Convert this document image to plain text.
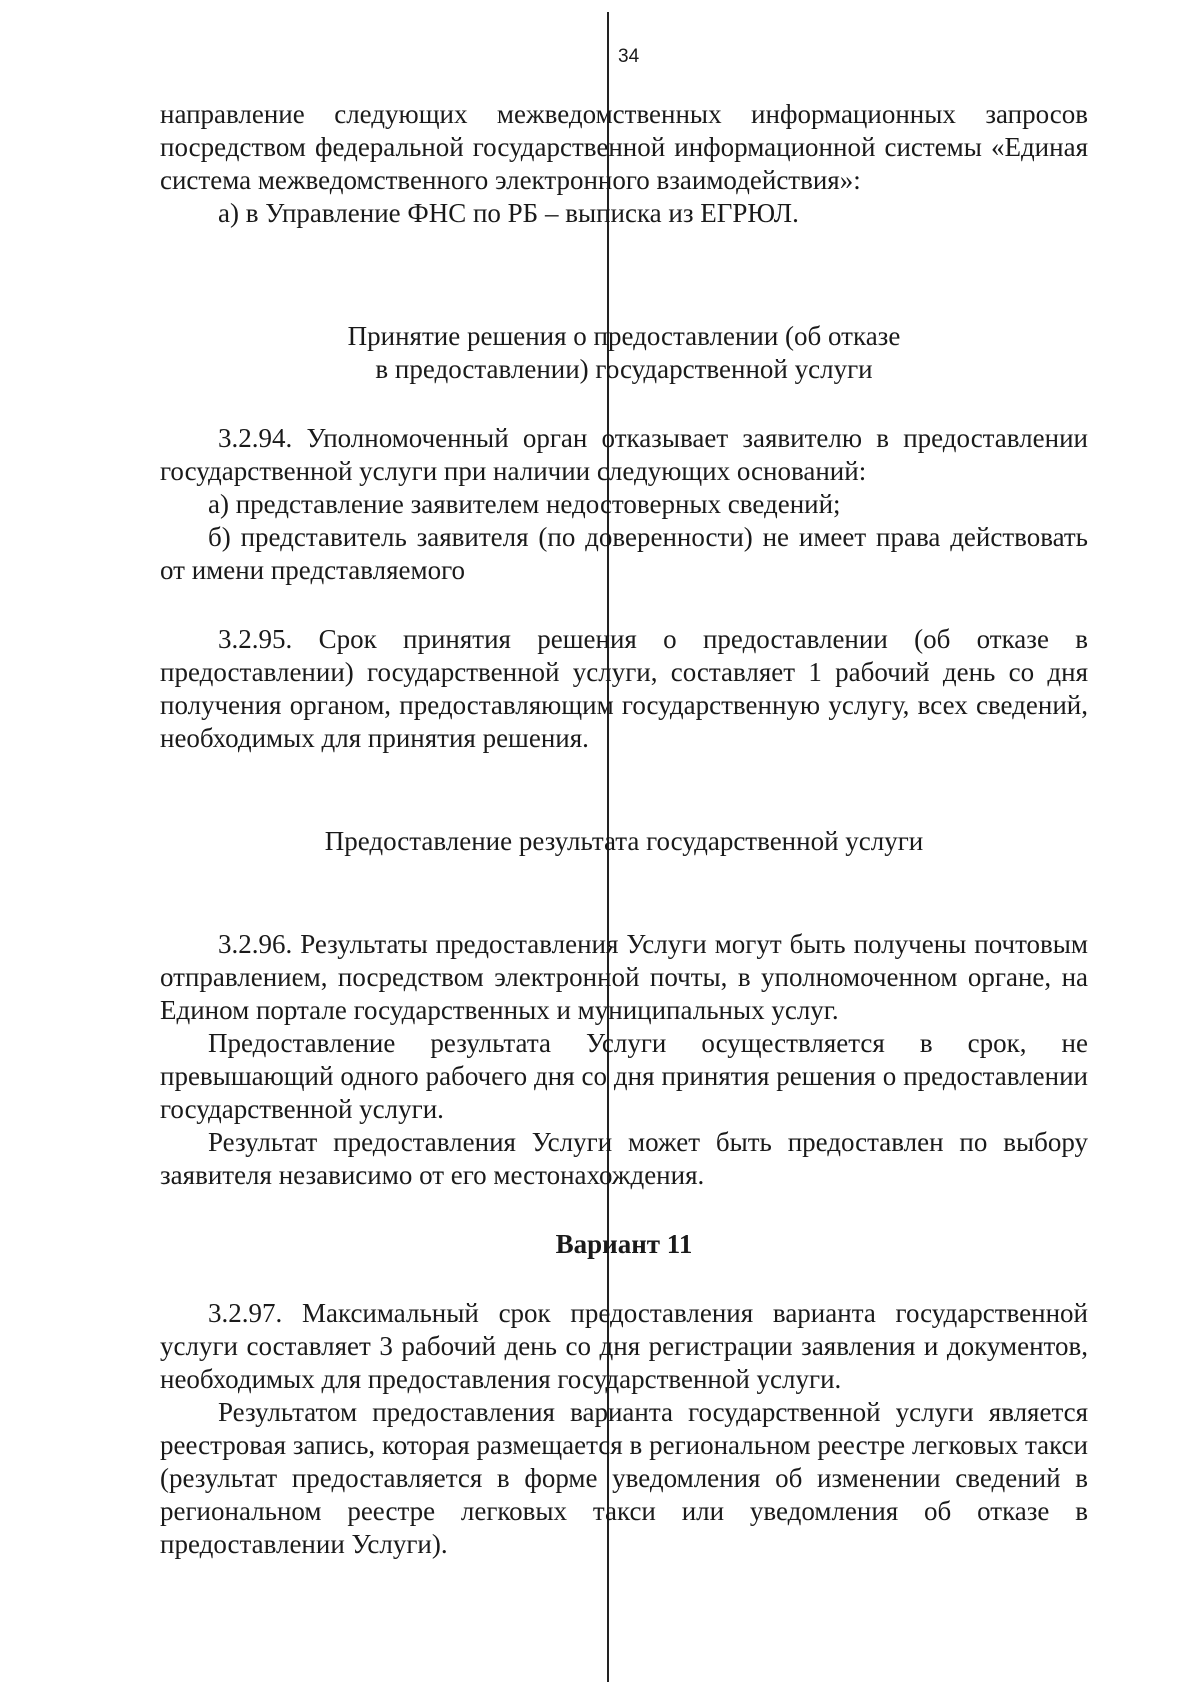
34

направление следующих межведомственных информационных запросов посредством федеральной государственной информационной системы «Единая система межведомственного электронного взаимодействия»:

а) в Управление ФНС по РБ – выписка из ЕГРЮЛ.

Принятие решения о предоставлении (об отказе

в предоставлении) государственной услуги

3.2.94. Уполномоченный орган отказывает заявителю в предоставлении государственной услуги при наличии следующих оснований:

а) представление заявителем недостоверных сведений;

б) представитель заявителя (по доверенности) не имеет права действовать от имени представляемого

3.2.95. Срок принятия решения о предоставлении (об отказе в предоставлении) государственной услуги, составляет 1 рабочий день со дня получения органом, предоставляющим государственную услугу, всех сведений, необходимых для принятия решения.

Предоставление результата государственной услуги

3.2.96. Результаты предоставления Услуги могут быть получены почтовым отправлением, посредством электронной почты, в уполномоченном органе, на Едином портале государственных и муниципальных услуг.

Предоставление результата Услуги осуществляется в срок, не превышающий одного рабочего дня со дня принятия решения о предоставлении государственной услуги.

Результат предоставления Услуги может быть предоставлен по выбору заявителя независимо от его местонахождения.

Вариант 11

3.2.97. Максимальный срок предоставления варианта государственной услуги составляет 3 рабочий день со дня регистрации заявления и документов, необходимых для предоставления государственной услуги.

Результатом предоставления варианта государственной услуги является реестровая запись, которая размещается в региональном реестре легковых такси (результат предоставляется в форме уведомления об изменении сведений в региональном реестре легковых такси или уведомления об отказе в предоставлении Услуги).
